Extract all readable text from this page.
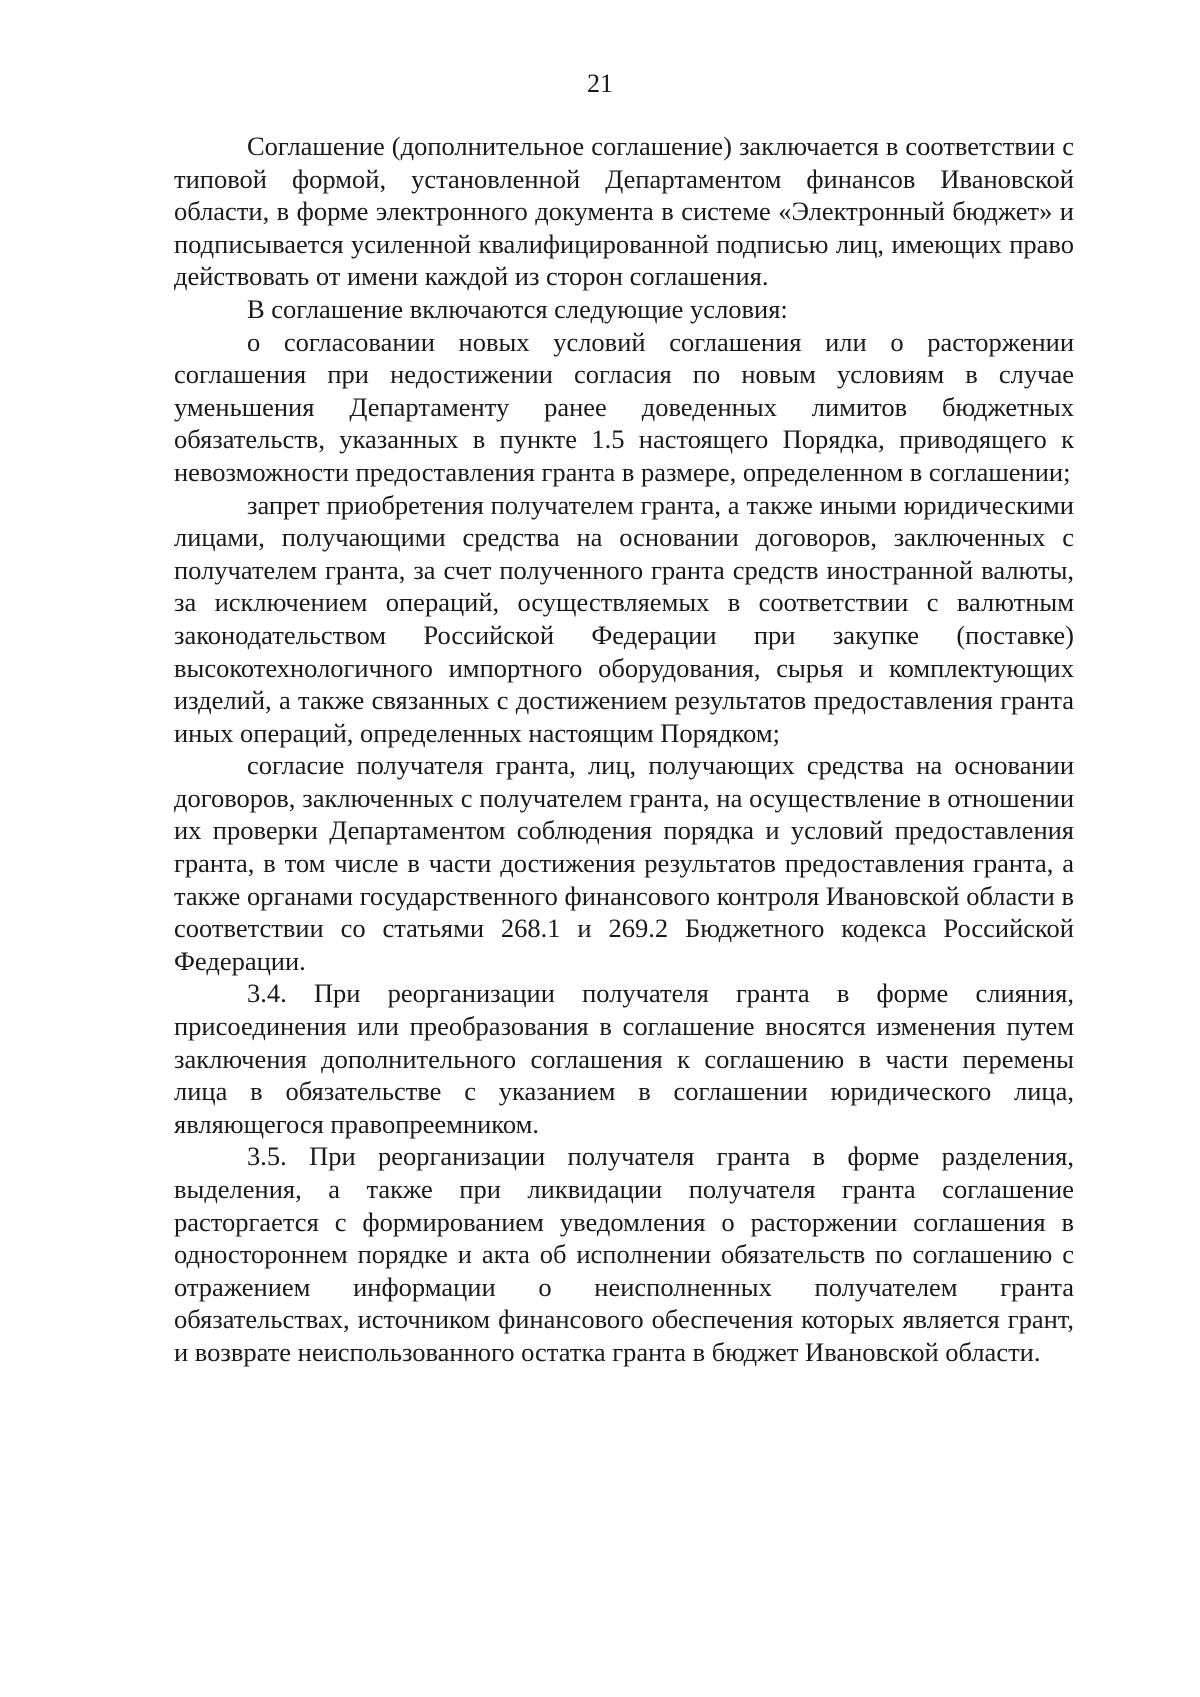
21

Соглашение (дополнительное соглашение) заключается в соответствии с типовой формой, установленной Департаментом финансов Ивановской области, в форме электронного документа в системе «Электронный бюджет» и подписывается усиленной квалифицированной подписью лиц, имеющих право действовать от имени каждой из сторон соглашения.

В соглашение включаются следующие условия:

о согласовании новых условий соглашения или о расторжении соглашения при недостижении согласия по новым условиям в случае уменьшения Департаменту ранее доведенных лимитов бюджетных обязательств, указанных в пункте 1.5 настоящего Порядка, приводящего к невозможности предоставления гранта в размере, определенном в соглашении;

запрет приобретения получателем гранта, а также иными юридическими лицами, получающими средства на основании договоров, заключенных с получателем гранта, за счет полученного гранта средств иностранной валюты, за исключением операций, осуществляемых в соответствии с валютным законодательством Российской Федерации при закупке (поставке) высокотехнологичного импортного оборудования, сырья и комплектующих изделий, а также связанных с достижением результатов предоставления гранта иных операций, определенных настоящим Порядком;

согласие получателя гранта, лиц, получающих средства на основании договоров, заключенных с получателем гранта, на осуществление в отношении их проверки Департаментом соблюдения порядка и условий предоставления гранта, в том числе в части достижения результатов предоставления гранта, а также органами государственного финансового контроля Ивановской области в соответствии со статьями 268.1 и 269.2 Бюджетного кодекса Российской Федерации.

3.4. При реорганизации получателя гранта в форме слияния, присоединения или преобразования в соглашение вносятся изменения путем заключения дополнительного соглашения к соглашению в части перемены лица в обязательстве с указанием в соглашении юридического лица, являющегося правопреемником.

3.5. При реорганизации получателя гранта в форме разделения, выделения, а также при ликвидации получателя гранта соглашение расторгается с формированием уведомления о расторжении соглашения в одностороннем порядке и акта об исполнении обязательств по соглашению с отражением информации о неисполненных получателем гранта обязательствах, источником финансового обеспечения которых является грант, и возврате неиспользованного остатка гранта в бюджет Ивановской области.
